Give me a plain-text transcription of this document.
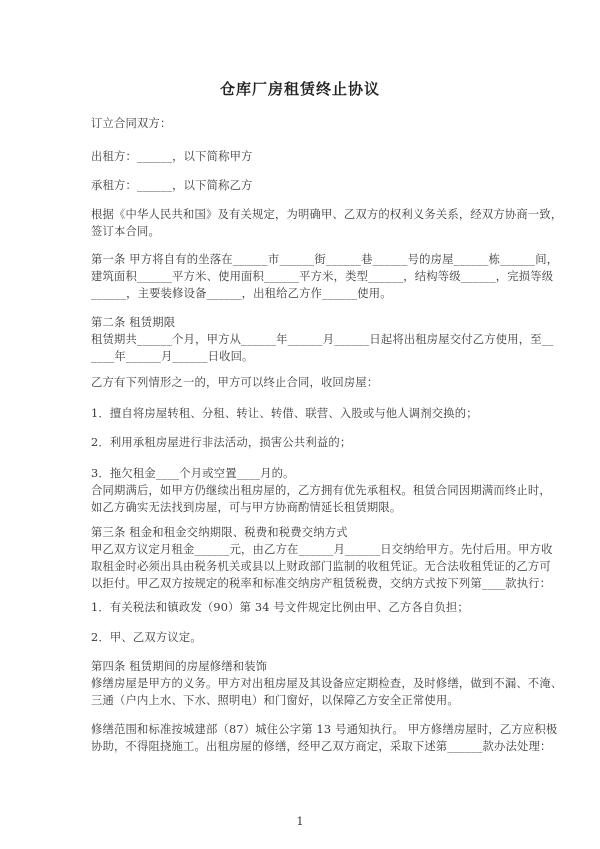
仓库厂房租赁终止协议
订立合同双方：
出租方：______，以下简称甲方
承租方：______，以下简称乙方
根据《中华人民共和国》及有关规定，为明确甲、乙双方的权利义务关系，经双方协商一致，
签订本合同。
第一条 甲方将自有的坐落在______市______街______巷______号的房屋______栋______间，
建筑面积______平方米、使用面积______平方米，类型______，结构等级______，完损等级
______，主要装修设备______，出租给乙方作______使用。
第二条 租赁期限
租赁期共______个月，甲方从______年______月______日起将出租房屋交付乙方使用，至__
____年______月______日收回。
乙方有下列情形之一的，甲方可以终止合同，收回房屋：
1．擅自将房屋转租、分租、转让、转借、联营、入股或与他人调剂交换的；
2．利用承租房屋进行非法活动，损害公共利益的；
3．拖欠租金____个月或空置____月的。
合同期满后，如甲方仍继续出租房屋的，乙方拥有优先承租权。租赁合同因期满而终止时，
如乙方确实无法找到房屋，可与甲方协商酌情延长租赁期限。
第三条 租金和租金交纳期限、税费和税费交纳方式
甲乙双方议定月租金______元，由乙方在______月______日交纳给甲方。先付后用。甲方收
取租金时必须出具由税务机关或县以上财政部门监制的收租凭证。无合法收租凭证的乙方可
以拒付。甲乙双方按规定的税率和标准交纳房产租赁税费，交纳方式按下列第____款执行：
1．有关税法和镇政发（90）第 34 号文件规定比例由甲、乙方各自负担；
2．甲、乙双方议定。
第四条 租赁期间的房屋修缮和装饰
修缮房屋是甲方的义务。甲方对出租房屋及其设备应定期检查，及时修缮，做到不漏、不淹、
三通（户内上水、下水、照明电）和门窗好，以保障乙方安全正常使用。
修缮范围和标准按城建部（87）城住公字第 13 号通知执行。 甲方修缮房屋时，乙方应积极
协助，不得阻挠施工。出租房屋的修缮，经甲乙双方商定，采取下述第______款办法处理：
1
